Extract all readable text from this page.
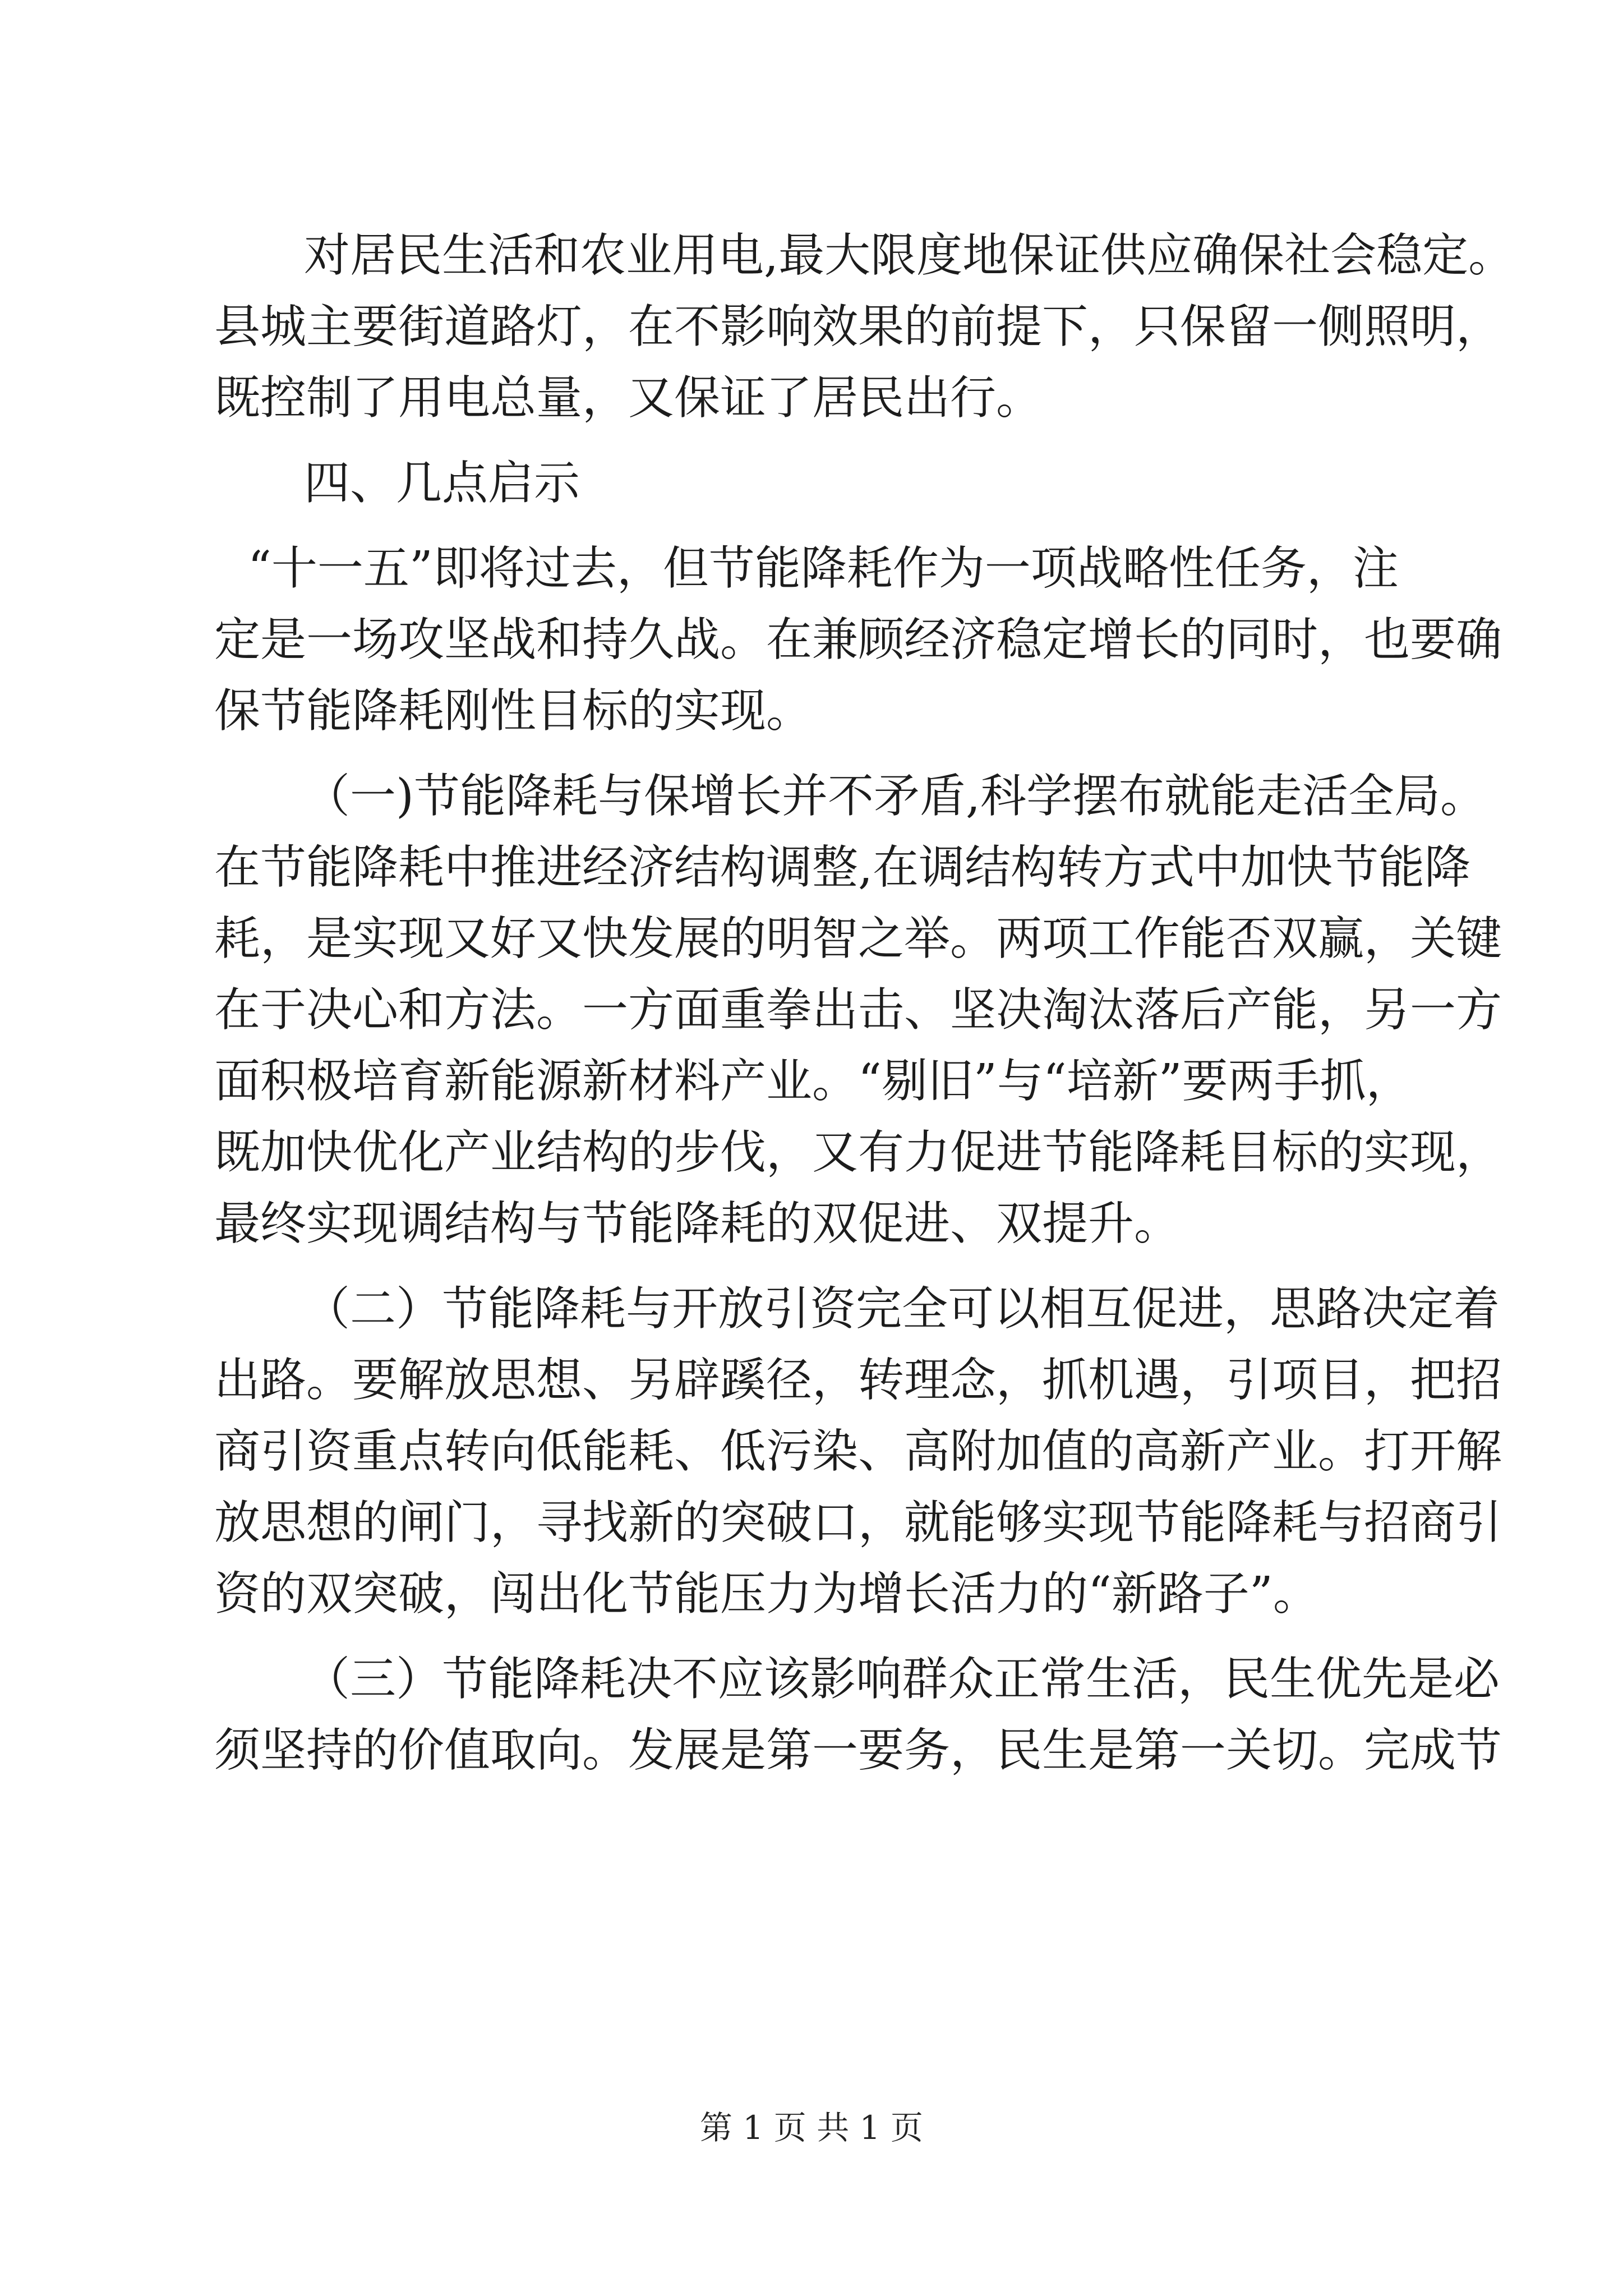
对居民生活和农业用电,最大限度地保证供应确保社会稳定。
县城主要街道路灯，在不影响效果的前提下，只保留一侧照明，
既控制了用电总量，又保证了居民出行。

四、几点启示

“十一五”即将过去，但节能降耗作为一项战略性任务，注
定是一场攻坚战和持久战。在兼顾经济稳定增长的同时，也要确
保节能降耗刚性目标的实现。

（一)节能降耗与保增长并不矛盾,科学摆布就能走活全局。
在节能降耗中推进经济结构调整,在调结构转方式中加快节能降
耗，是实现又好又快发展的明智之举。两项工作能否双赢，关键
在于决心和方法。一方面重拳出击、坚决淘汰落后产能，另一方
面积极培育新能源新材料产业。“剔旧”与“培新”要两手抓，
既加快优化产业结构的步伐，又有力促进节能降耗目标的实现，
最终实现调结构与节能降耗的双促进、双提升。

（二）节能降耗与开放引资完全可以相互促进，思路决定着
出路。要解放思想、另辟蹊径，转理念，抓机遇，引项目，把招
商引资重点转向低能耗、低污染、高附加值的高新产业。打开解
放思想的闸门，寻找新的突破口，就能够实现节能降耗与招商引
资的双突破，闯出化节能压力为增长活力的“新路子”。

（三）节能降耗决不应该影响群众正常生活，民生优先是必
须坚持的价值取向。发展是第一要务，民生是第一关切。完成节

第 1 页 共 1 页
